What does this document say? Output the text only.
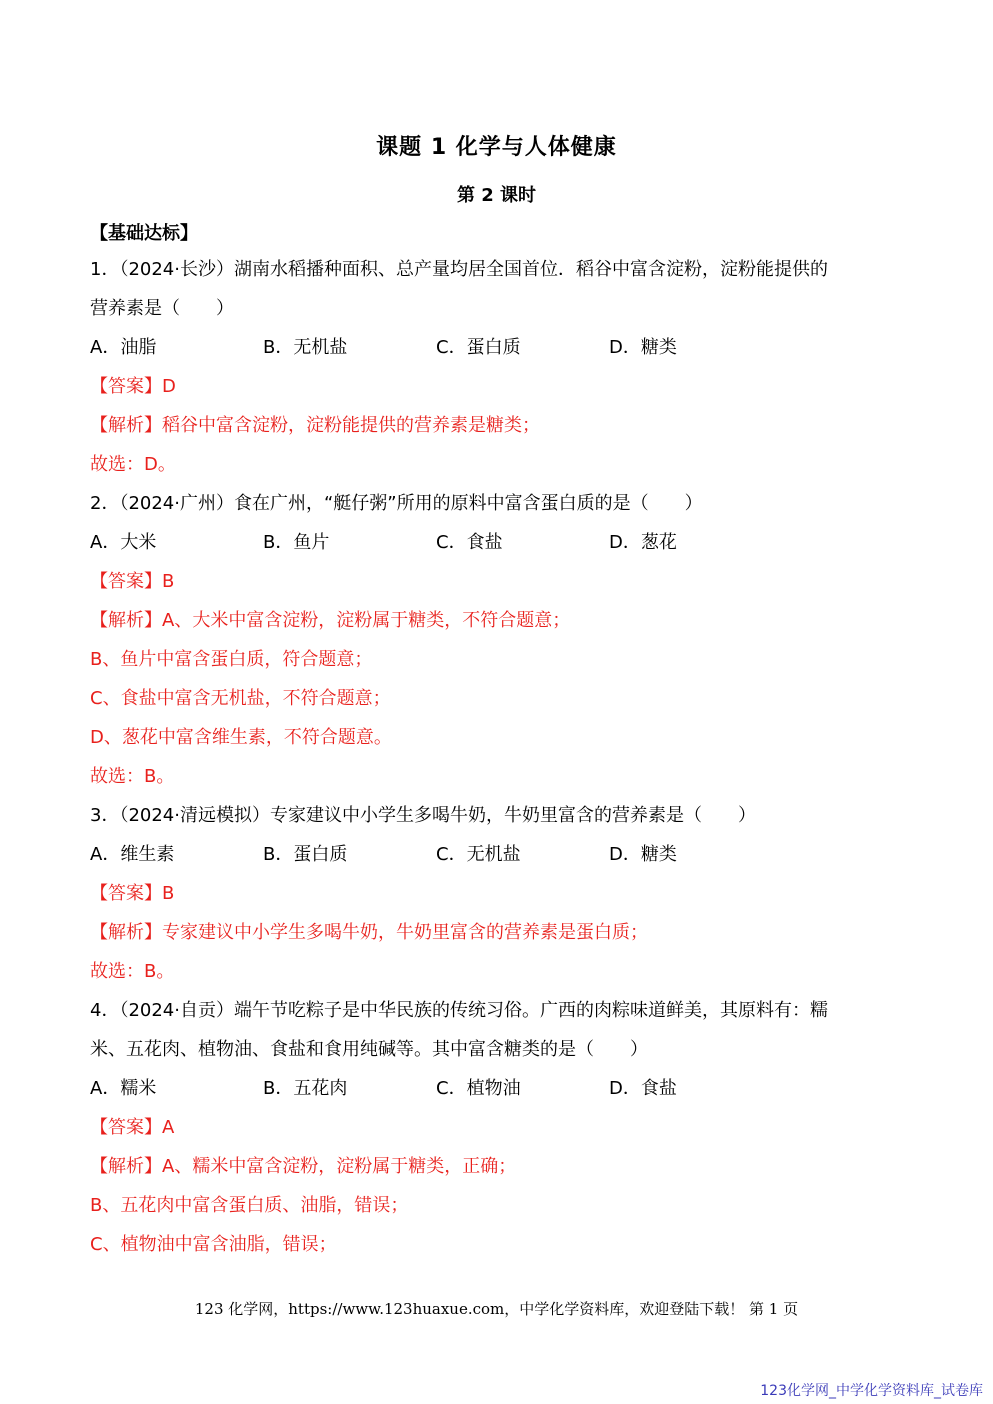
课题 1 化学与人体健康
第 2 课时
【基础达标】
1．（2024·长沙）湖南水稻播种面积、总产量均居全国首位．稻谷中富含淀粉，淀粉能提供的
营养素是（　　）
A．油脂	B．无机盐	C．蛋白质	D．糖类
【答案】D
【解析】稻谷中富含淀粉，淀粉能提供的营养素是糖类；
故选：D。
2．（2024·广州）食在广州，“艇仔粥”所用的原料中富含蛋白质的是（　　）
A．大米	B．鱼片	C．食盐	D．葱花
【答案】B
【解析】A、大米中富含淀粉，淀粉属于糖类，不符合题意；
B、鱼片中富含蛋白质，符合题意；
C、食盐中富含无机盐，不符合题意；
D、葱花中富含维生素，不符合题意。
故选：B。
3．（2024·清远模拟）专家建议中小学生多喝牛奶，牛奶里富含的营养素是（　　）
A．维生素	B．蛋白质	C．无机盐	D．糖类
【答案】B
【解析】专家建议中小学生多喝牛奶，牛奶里富含的营养素是蛋白质；
故选：B。
4．（2024·自贡）端午节吃粽子是中华民族的传统习俗。广西的肉粽味道鲜美，其原料有：糯
米、五花肉、植物油、食盐和食用纯碱等。其中富含糖类的是（　　）
A．糯米	B．五花肉	C．植物油	D．食盐
【答案】A
【解析】A、糯米中富含淀粉，淀粉属于糖类，正确；
B、五花肉中富含蛋白质、油脂，错误；
C、植物油中富含油脂，错误；
123 化学网，https://www.123huaxue.com，中学化学资料库，欢迎登陆下载！ 第 1 页
123化学网_中学化学资料库_试卷库
